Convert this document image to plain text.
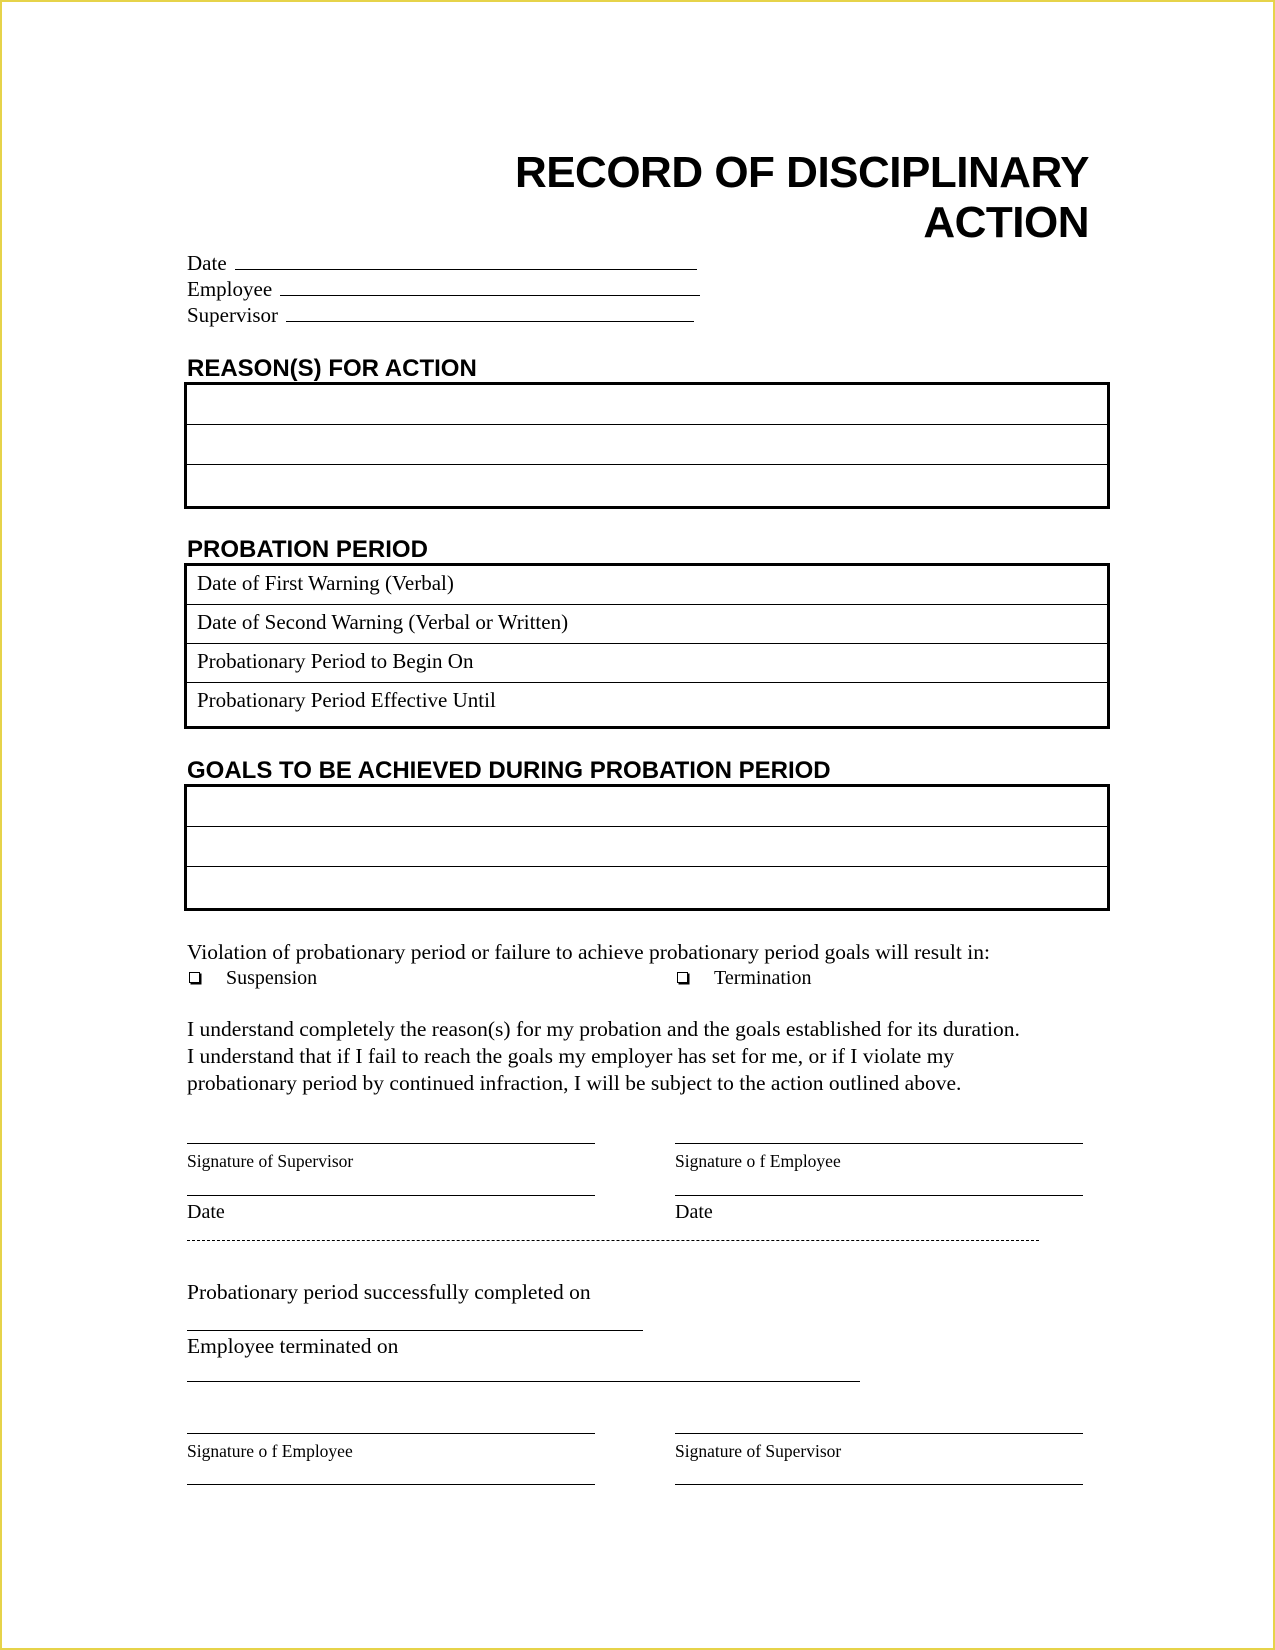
RECORD OF DISCIPLINARY
ACTION
Date
Employee
Supervisor
REASON(S) FOR ACTION
PROBATION PERIOD
Date of First Warning (Verbal)
Date of Second Warning (Verbal or Written)
Probationary Period to Begin On
Probationary Period Effective Until
GOALS TO BE ACHIEVED DURING PROBATION PERIOD
Violation of probationary period or failure to achieve probationary period goals will result in:
Suspension	Termination
I understand completely the reason(s) for my probation and the goals established for its duration.
I understand that if I fail to reach the goals my employer has set for me, or if I violate my
probationary period by continued infraction, I will be subject to the action outlined above.
Signature of Supervisor	Signature o f Employee
Date	Date
Probationary period successfully completed on
Employee terminated on
Signature o f Employee	Signature of Supervisor
